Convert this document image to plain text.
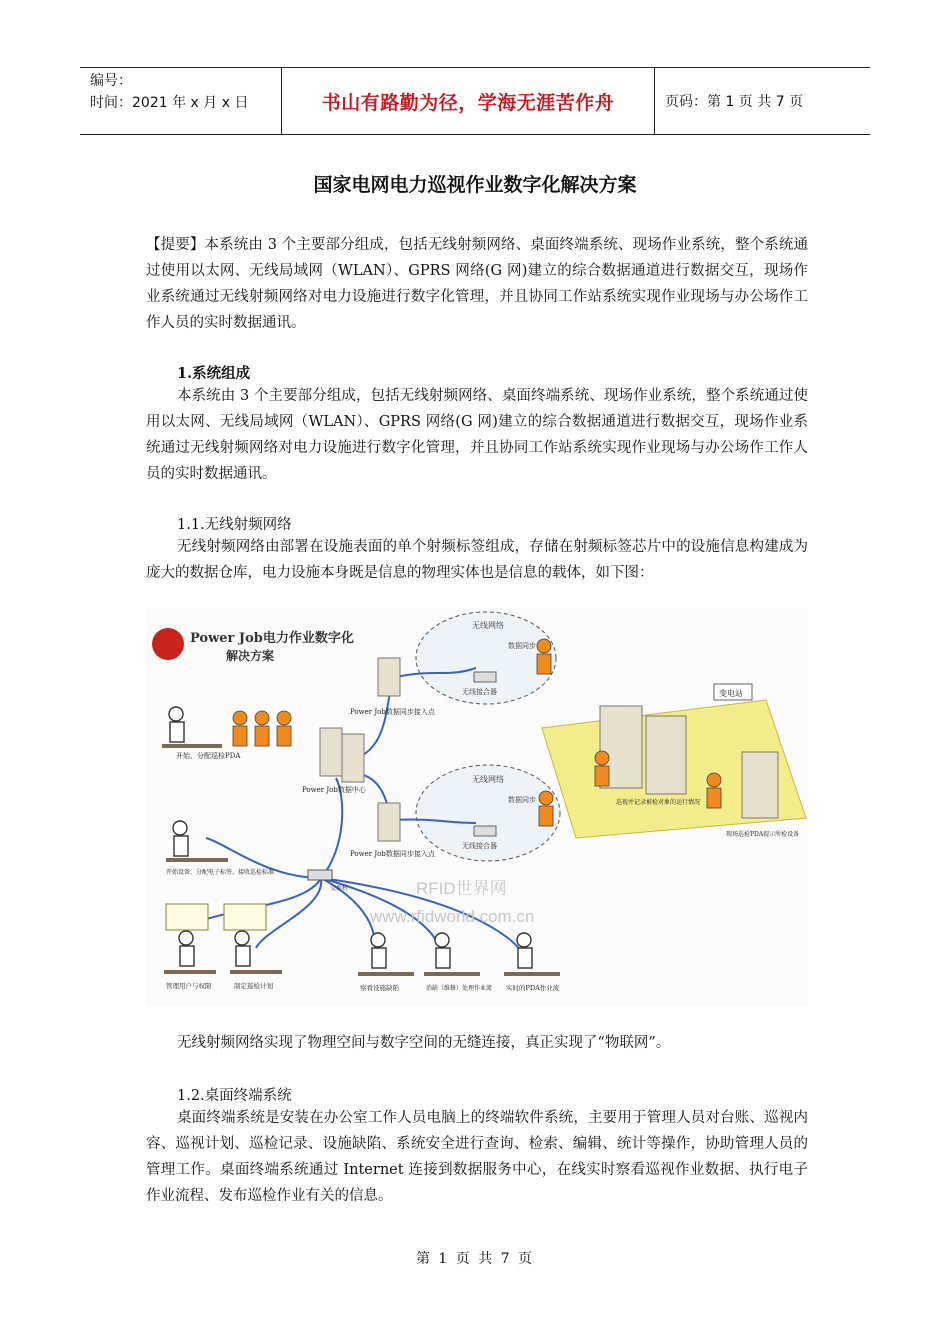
编号：
时间：2021 年 x 月 x 日	书山有路勤为径，学海无涯苦作舟	页码：第 1 页 共 7 页
国家电网电力巡视作业数字化解决方案

【提要】本系统由 3 个主要部分组成，包括无线射频网络、桌面终端系统、现场作业系统，整个系统通过使用以太网、无线局域网（WLAN）、GPRS 网络(G 网)建立的综合数据通道进行数据交互，现场作业系统通过无线射频网络对电力设施进行数字化管理，并且协同工作站系统实现作业现场与办公场作工作人员的实时数据通讯。

1.系统组成

本系统由 3 个主要部分组成，包括无线射频网络、桌面终端系统、现场作业系统，整个系统通过使用以太网、无线局域网（WLAN）、GPRS 网络(G 网)建立的综合数据通道进行数据交互，现场作业系统通过无线射频网络对电力设施进行数字化管理，并且协同工作站系统实现作业现场与办公场作工作人员的实时数据通讯。

1.1.无线射频网络

无线射频网络由部署在设施表面的单个射频标签组成，存储在射频标签芯片中的设施信息构建成为庞大的数据仓库，电力设施本身既是信息的物理实体也是信息的载体，如下图：

Power Job电力作业数字化
解决方案
Power Job数据同步接入点
Power Job数据中心
Power Job数据同步接入点
无线网络
数据同步
无线接合器
无线网络
数据同步
无线接合器
变电站
交换机
开始、分配巡检PDA
开始设备、分配电子标签、接收巡检标准
管理用户与权限	制定巡检计划	察看设施缺陷	消缺（维修）处理作业流 实时的PDA作业流
巡视并记录被检对象的运行情况
现场巡检PDA提示所检设备
RFID世界网
www.rfidworld.com.cn

无线射频网络实现了物理空间与数字空间的无缝连接，真正实现了“物联网”。

1.2.桌面终端系统

桌面终端系统是安装在办公室工作人员电脑上的终端软件系统，主要用于管理人员对台账、巡视内容、巡视计划、巡检记录、设施缺陷、系统安全进行查询、检索、编辑、统计等操作，协助管理人员的管理工作。桌面终端系统通过 Internet 连接到数据服务中心，在线实时察看巡视作业数据、执行电子作业流程、发布巡检作业有关的信息。

第 1 页 共 7 页
